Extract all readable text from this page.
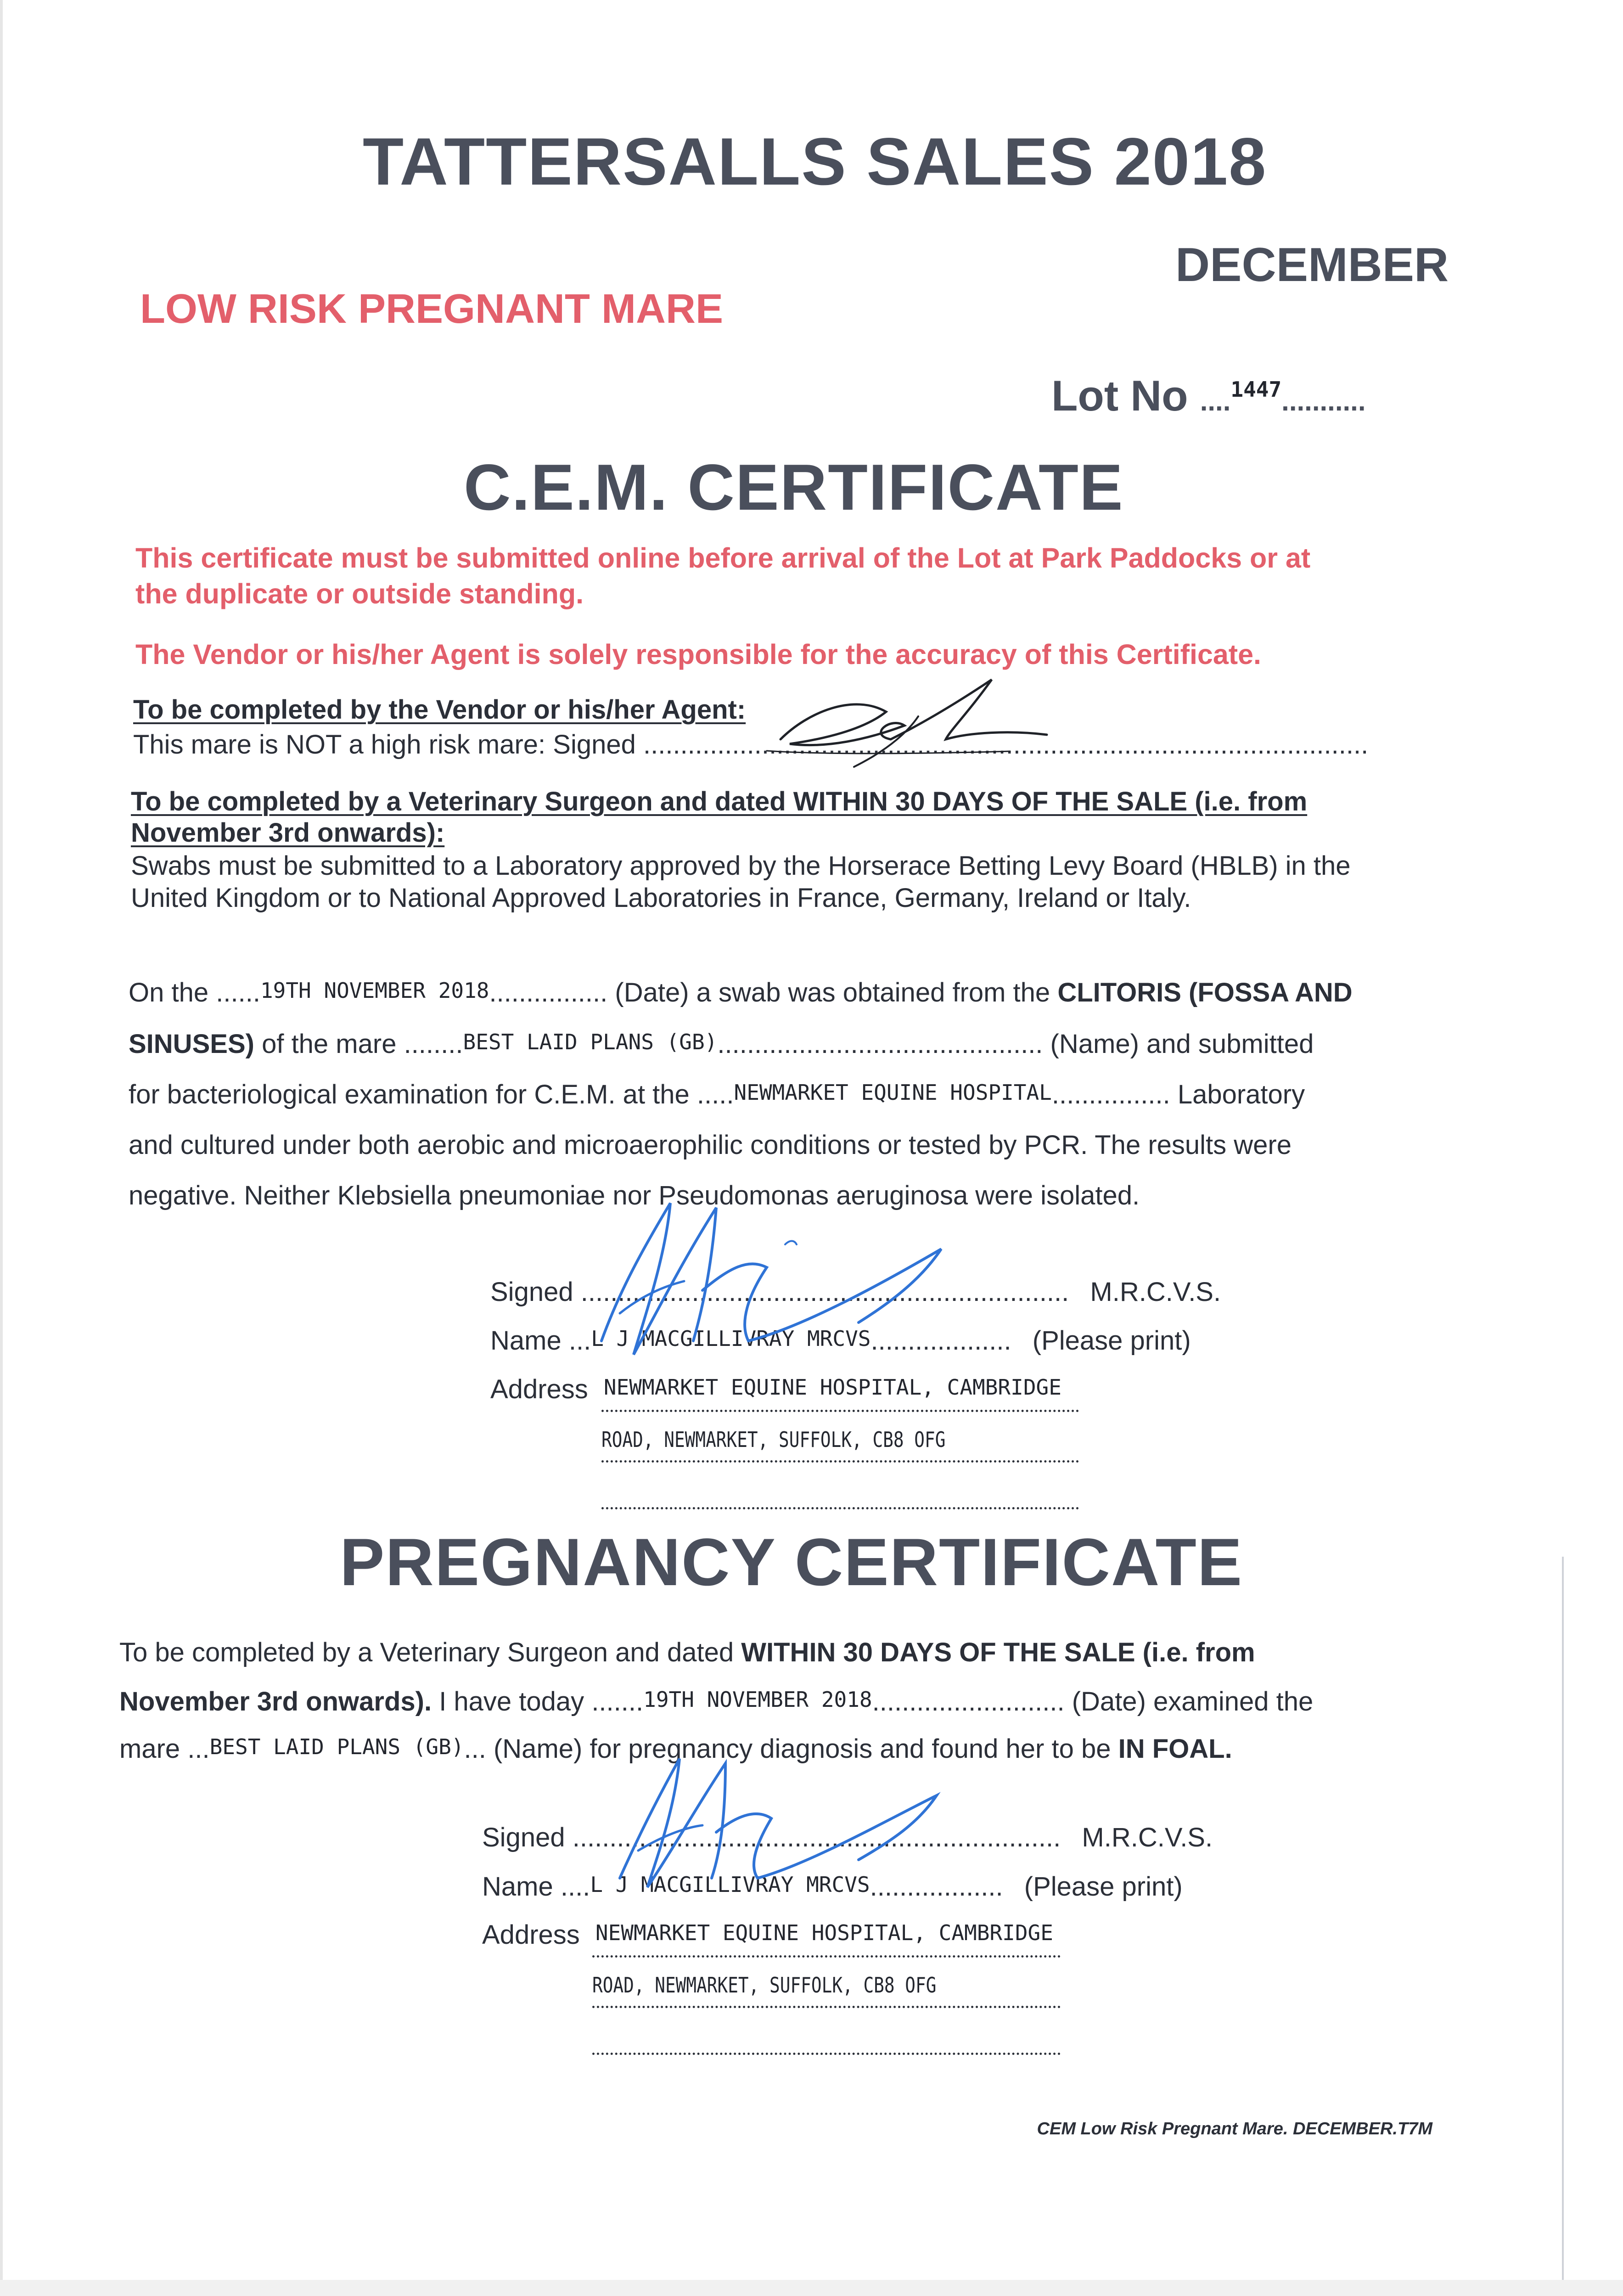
TATTERSALLS SALES 2018
DECEMBER
LOW RISK PREGNANT MARE
Lot No ....$^{1447}$...........
C.E.M. CERTIFICATE
This certificate must be submitted online before arrival of the Lot at Park Paddocks or at
the duplicate or outside standing.
The Vendor or his/her Agent is solely responsible for the accuracy of this Certificate.
To be completed by the Vendor or his/her Agent:
This mare is NOT a high risk mare: Signed ..................................................................................................
To be completed by a Veterinary Surgeon and dated WITHIN 30 DAYS OF THE SALE (i.e. from
November 3rd onwards):
Swabs must be submitted to a Laboratory approved by the Horserace Betting Levy Board (HBLB) in the
United Kingdom or to National Approved Laboratories in France, Germany, Ireland or Italy.
On the ......19TH NOVEMBER 2018................ (Date) a swab was obtained from the CLITORIS (FOSSA AND
SINUSES) of the mare ........BEST LAID PLANS (GB)............................................ (Name) and submitted
for bacteriological examination for C.E.M. at the .....NEWMARKET EQUINE HOSPITAL................ Laboratory
and cultured under both aerobic and microaerophilic conditions or tested by PCR. The results were
negative. Neither Klebsiella pneumoniae nor Pseudomonas aeruginosa were isolated.
Signed .................................................................. M.R.C.V.S.
Name ...L J MACGILLIVRAY MRCVS................... (Please print)
Address NEWMARKET EQUINE HOSPITAL, CAMBRIDGE
ROAD, NEWMARKET, SUFFOLK, CB8 OFG
PREGNANCY CERTIFICATE
To be completed by a Veterinary Surgeon and dated WITHIN 30 DAYS OF THE SALE (i.e. from
November 3rd onwards). I have today .......19TH NOVEMBER 2018.......................... (Date) examined the
mare ...BEST LAID PLANS (GB)... (Name) for pregnancy diagnosis and found her to be IN FOAL.
Signed .................................................................. M.R.C.V.S.
Name ....L J MACGILLIVRAY MRCVS.................. (Please print)
Address NEWMARKET EQUINE HOSPITAL, CAMBRIDGE
ROAD, NEWMARKET, SUFFOLK, CB8 OFG
CEM Low Risk Pregnant Mare. DECEMBER.T7M
